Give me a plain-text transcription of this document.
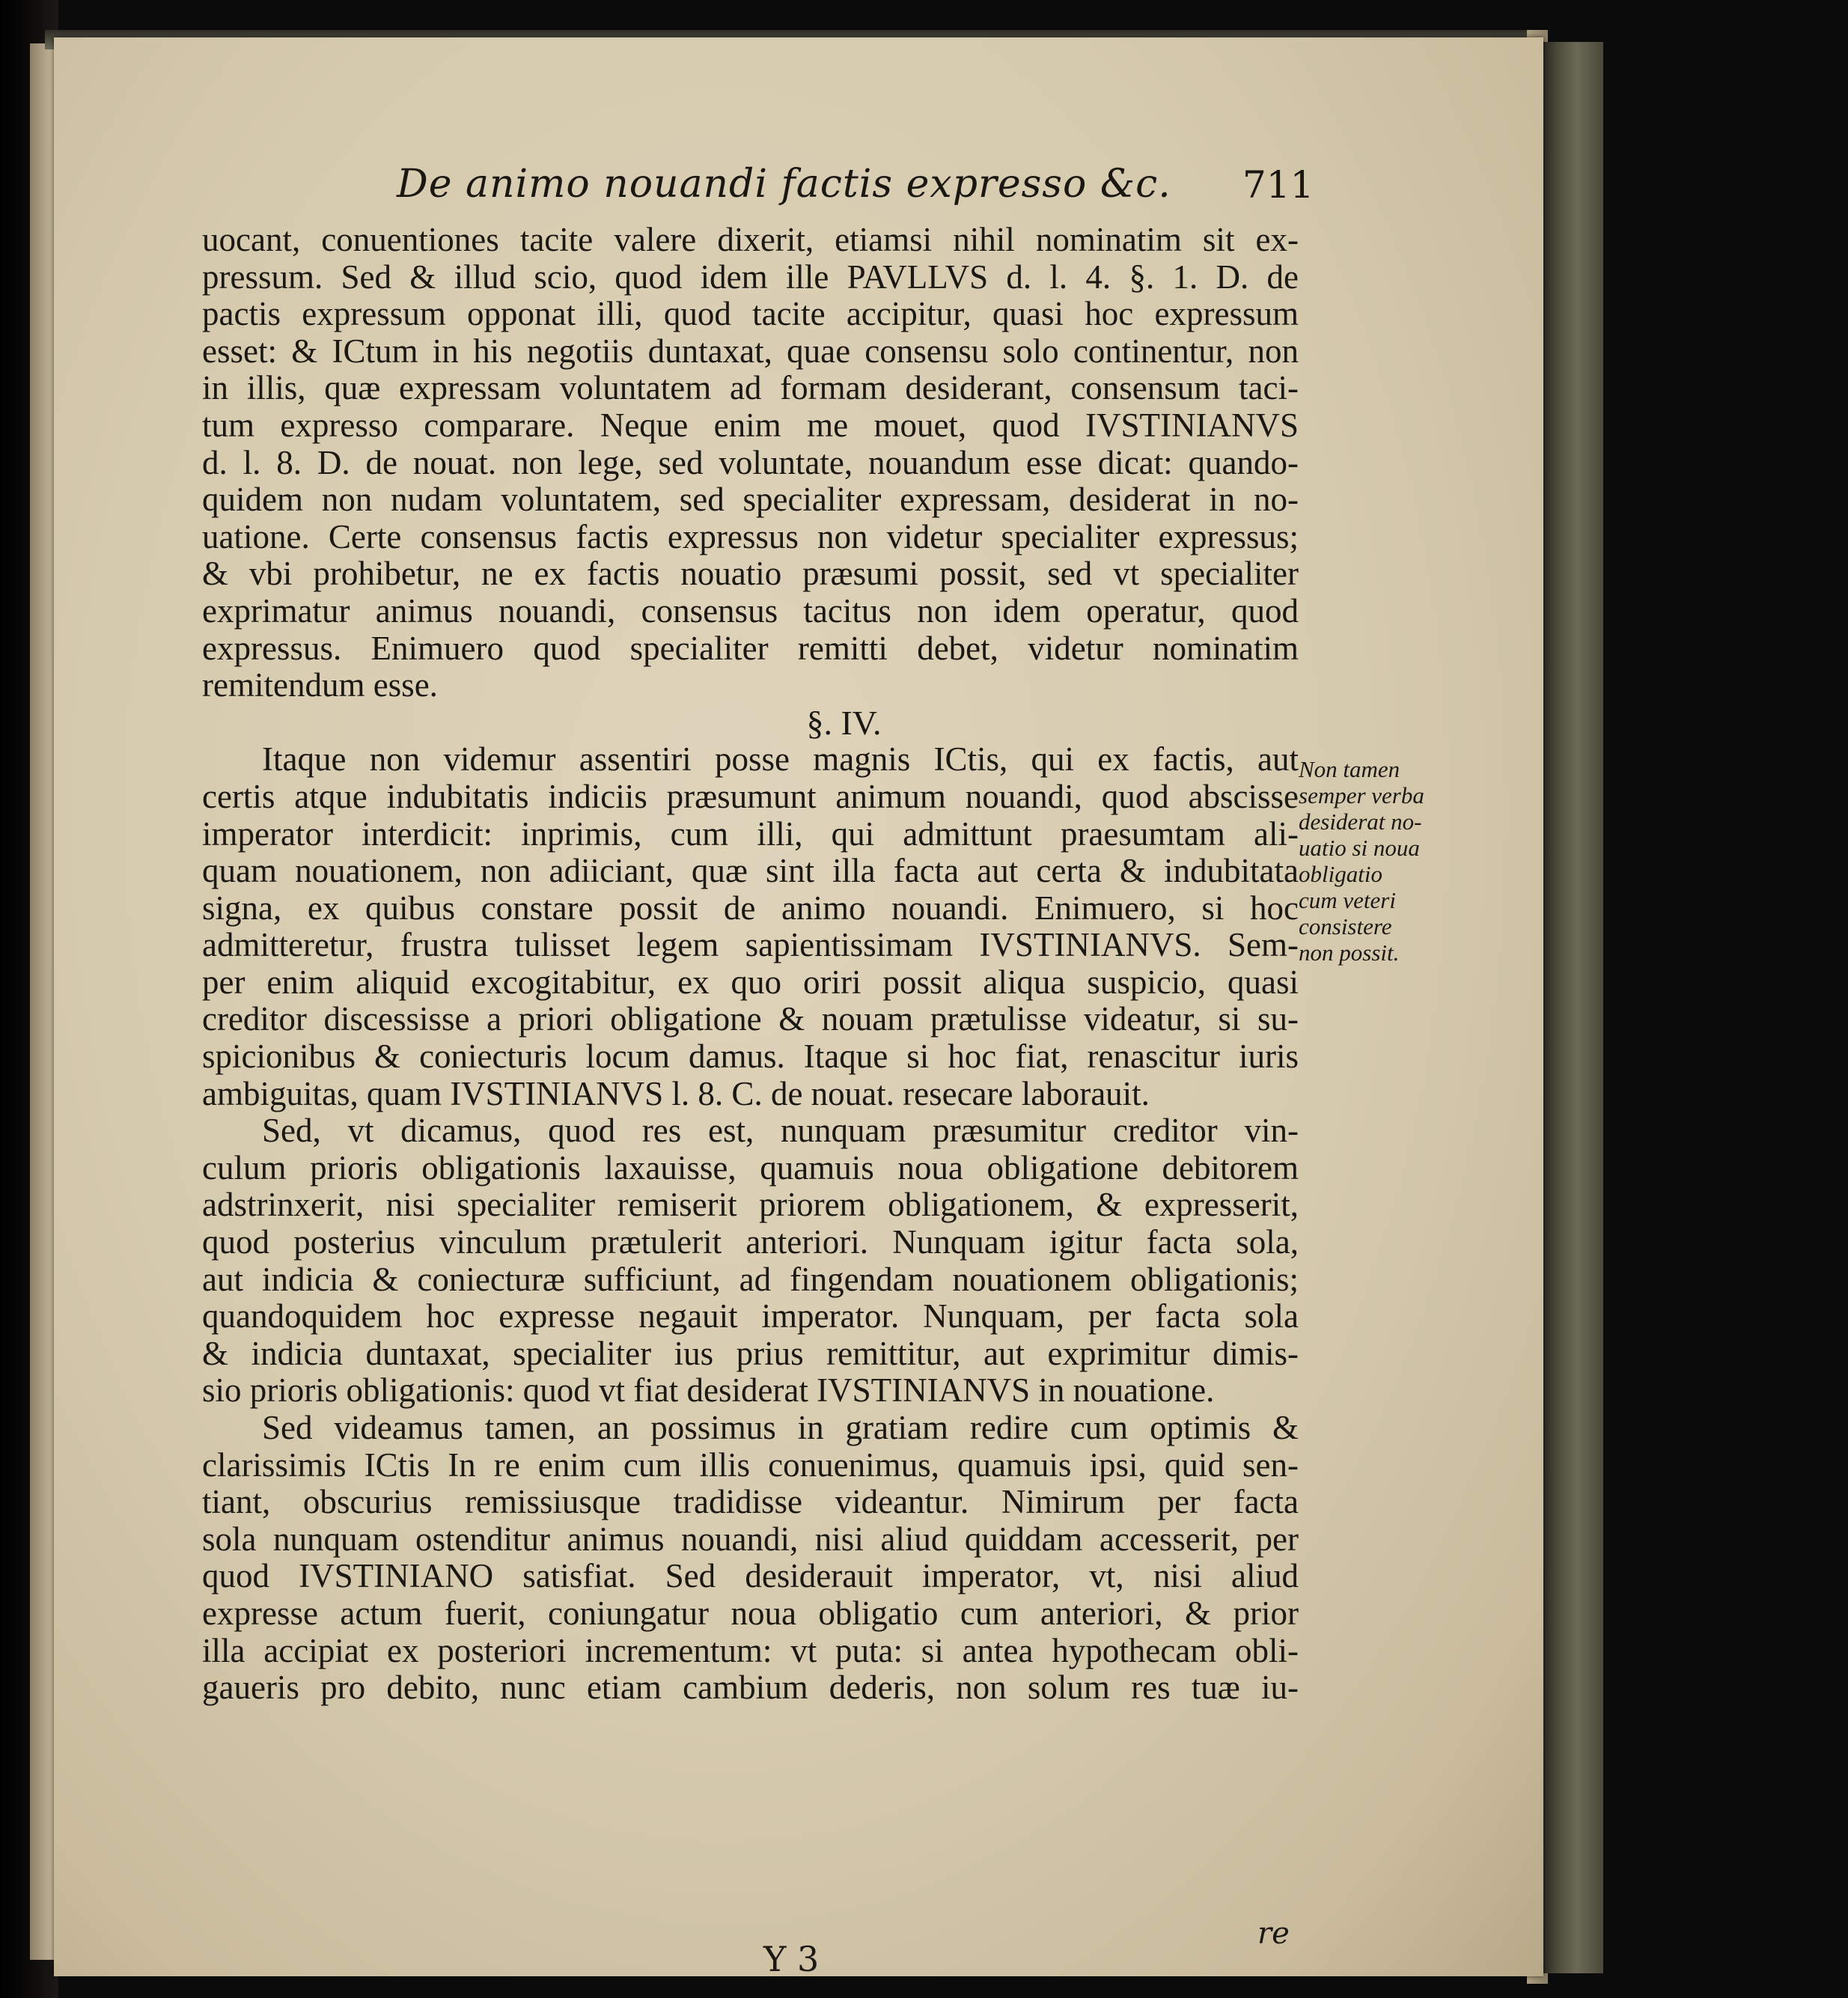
De animo nouandi factis expresso &c. 711
uocant, conuentiones tacite valere dixerit, etiamsi nihil nominatim sit ex-
pressum. Sed & illud scio, quod idem ille PAVLLVS d. l. 4. §. 1. D. de
pactis expressum opponat illi, quod tacite accipitur, quasi hoc expressum
esset: & ICtum in his negotiis duntaxat, quae consensu solo continentur, non
in illis, quæ expressam voluntatem ad formam desiderant, consensum taci-
tum expresso comparare. Neque enim me mouet, quod IVSTINIANVS
d. l. 8. D. de nouat. non lege, sed voluntate, nouandum esse dicat: quando-
quidem non nudam voluntatem, sed specialiter expressam, desiderat in no-
uatione. Certe consensus factis expressus non videtur specialiter expressus;
& vbi prohibetur, ne ex factis nouatio præsumi possit, sed vt specialiter
exprimatur animus nouandi, consensus tacitus non idem operatur, quod
expressus. Enimuero quod specialiter remitti debet, videtur nominatim
remitendum esse.
§. IV.
Itaque non videmur assentiri posse magnis ICtis, qui ex factis, aut
certis atque indubitatis indiciis præsumunt animum nouandi, quod abscisse
imperator interdicit: inprimis, cum illi, qui admittunt praesumtam ali-
quam nouationem, non adiiciant, quæ sint illa facta aut certa & indubitata
signa, ex quibus constare possit de animo nouandi. Enimuero, si hoc
admitteretur, frustra tulisset legem sapientissimam IVSTINIANVS. Sem-
per enim aliquid excogitabitur, ex quo oriri possit aliqua suspicio, quasi
creditor discessisse a priori obligatione & nouam prætulisse videatur, si su-
spicionibus & coniecturis locum damus. Itaque si hoc fiat, renascitur iuris
ambiguitas, quam IVSTINIANVS l. 8. C. de nouat. resecare laborauit.
Sed, vt dicamus, quod res est, nunquam præsumitur creditor vin-
culum prioris obligationis laxauisse, quamuis noua obligatione debitorem
adstrinxerit, nisi specialiter remiserit priorem obligationem, & expresserit,
quod posterius vinculum prætulerit anteriori. Nunquam igitur facta sola,
aut indicia & coniecturæ sufficiunt, ad fingendam nouationem obligationis;
quandoquidem hoc expresse negauit imperator. Nunquam, per facta sola
& indicia duntaxat, specialiter ius prius remittitur, aut exprimitur dimis-
sio prioris obligationis: quod vt fiat desiderat IVSTINIANVS in nouatione.
Sed videamus tamen, an possimus in gratiam redire cum optimis &
clarissimis ICtis In re enim cum illis conuenimus, quamuis ipsi, quid sen-
tiant, obscurius remissiusque tradidisse videantur. Nimirum per facta
sola nunquam ostenditur animus nouandi, nisi aliud quiddam accesserit, per
quod IVSTINIANO satisfiat. Sed desiderauit imperator, vt, nisi aliud
expresse actum fuerit, coniungatur noua obligatio cum anteriori, & prior
illa accipiat ex posteriori incrementum: vt puta: si antea hypothecam obli-
gaueris pro debito, nunc etiam cambium dederis, non solum res tuæ iu-
Non tamen
semper verba
desiderat no-
uatio si noua
obligatio
cum veteri
consistere
non possit.
re
Y 3
